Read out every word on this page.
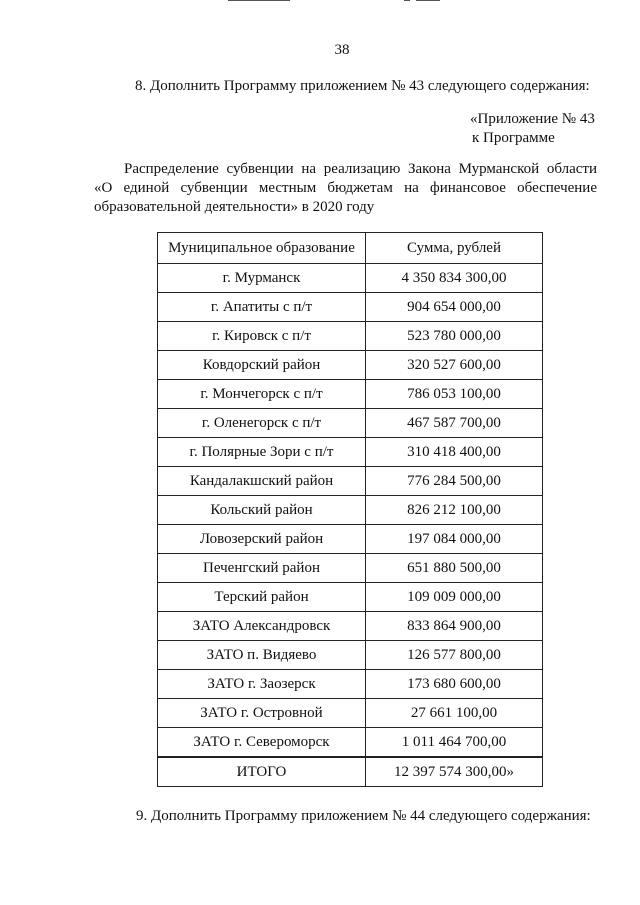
38
8. Дополнить Программу приложением № 43 следующего содержания:
«Приложение № 43
к Программе
Распределение субвенции на реализацию Закона Мурманской области
«О единой субвенции местным бюджетам на финансовое обеспечение
образовательной деятельности» в 2020 году
Муниципальное образование	Сумма, рублей
г. Мурманск	4 350 834 300,00
г. Апатиты с п/т	904 654 000,00
г. Кировск с п/т	523 780 000,00
Ковдорский район	320 527 600,00
г. Мончегорск с п/т	786 053 100,00
г. Оленегорск с п/т	467 587 700,00
г. Полярные Зори с п/т	310 418 400,00
Кандалакшский район	776 284 500,00
Кольский район	826 212 100,00
Ловозерский район	197 084 000,00
Печенгский район	651 880 500,00
Терский район	109 009 000,00
ЗАТО Александровск	833 864 900,00
ЗАТО п. Видяево	126 577 800,00
ЗАТО г. Заозерск	173 680 600,00
ЗАТО г. Островной	27 661 100,00
ЗАТО г. Североморск	1 011 464 700,00
ИТОГО	12 397 574 300,00»
9. Дополнить Программу приложением № 44 следующего содержания:
